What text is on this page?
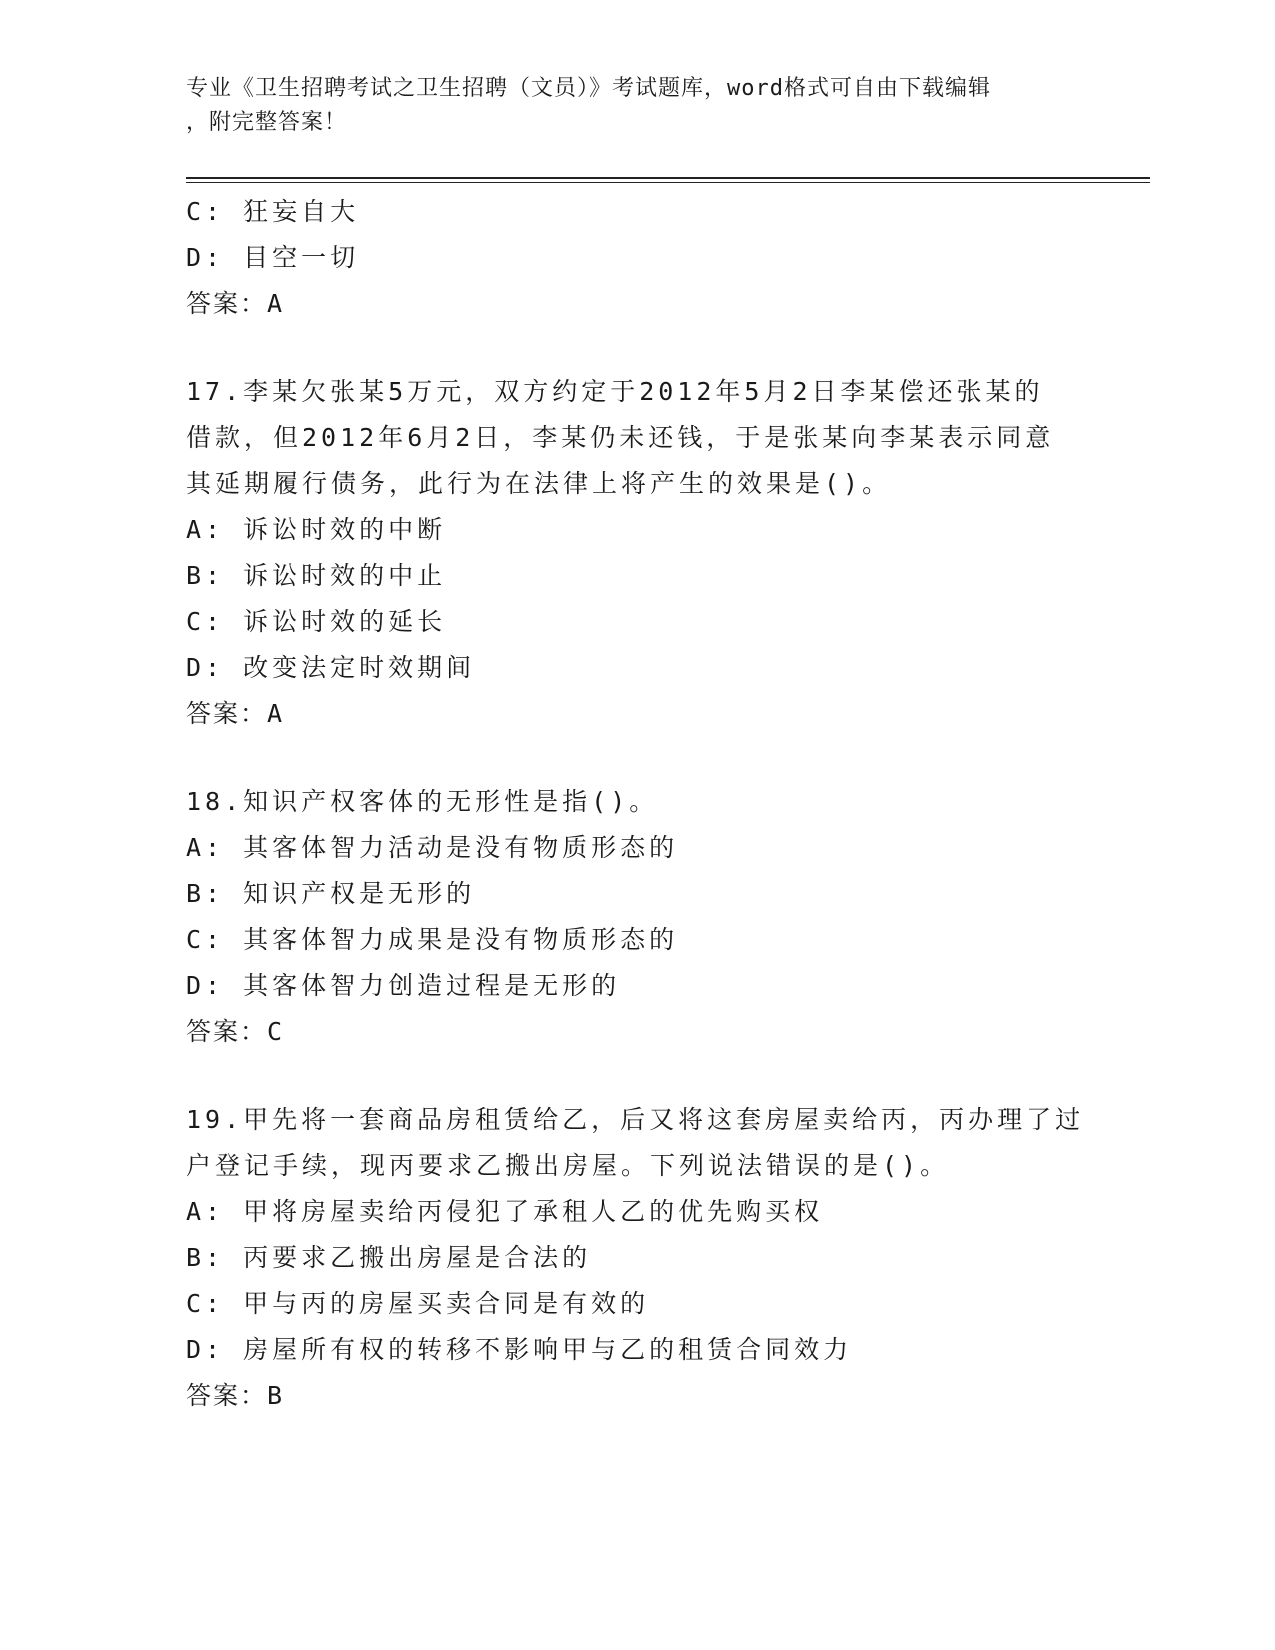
专业《卫生招聘考试之卫生招聘（文员）》考试题库，word格式可自由下载编辑
，附完整答案！
C: 狂妄自大
D: 目空一切
答案：A
17.李某欠张某5万元，双方约定于2012年5月2日李某偿还张某的
借款，但2012年6月2日，李某仍未还钱，于是张某向李某表示同意
其延期履行债务，此行为在法律上将产生的效果是()。
A: 诉讼时效的中断
B: 诉讼时效的中止
C: 诉讼时效的延长
D: 改变法定时效期间
答案：A
18.知识产权客体的无形性是指()。
A: 其客体智力活动是没有物质形态的
B: 知识产权是无形的
C: 其客体智力成果是没有物质形态的
D: 其客体智力创造过程是无形的
答案：C
19.甲先将一套商品房租赁给乙，后又将这套房屋卖给丙，丙办理了过
户登记手续，现丙要求乙搬出房屋。下列说法错误的是()。
A: 甲将房屋卖给丙侵犯了承租人乙的优先购买权
B: 丙要求乙搬出房屋是合法的
C: 甲与丙的房屋买卖合同是有效的
D: 房屋所有权的转移不影响甲与乙的租赁合同效力
答案：B
